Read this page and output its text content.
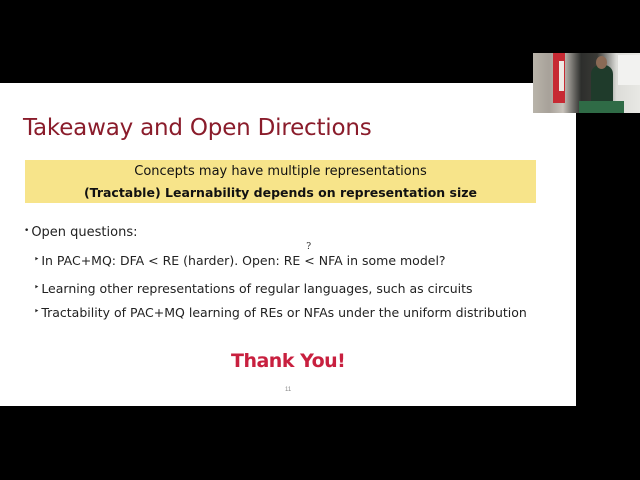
Takeaway and Open Directions
Concepts may have multiple representations
(Tractable) Learnability depends on representation size
• Open questions:
‣ In PAC+MQ: DFA < RE (harder). Open: RE
?
< NFA in some model?
‣ Learning other representations of regular languages, such as circuits
‣ Tractability of PAC+MQ learning of REs or NFAs under the uniform distribution
Thank You!
11
